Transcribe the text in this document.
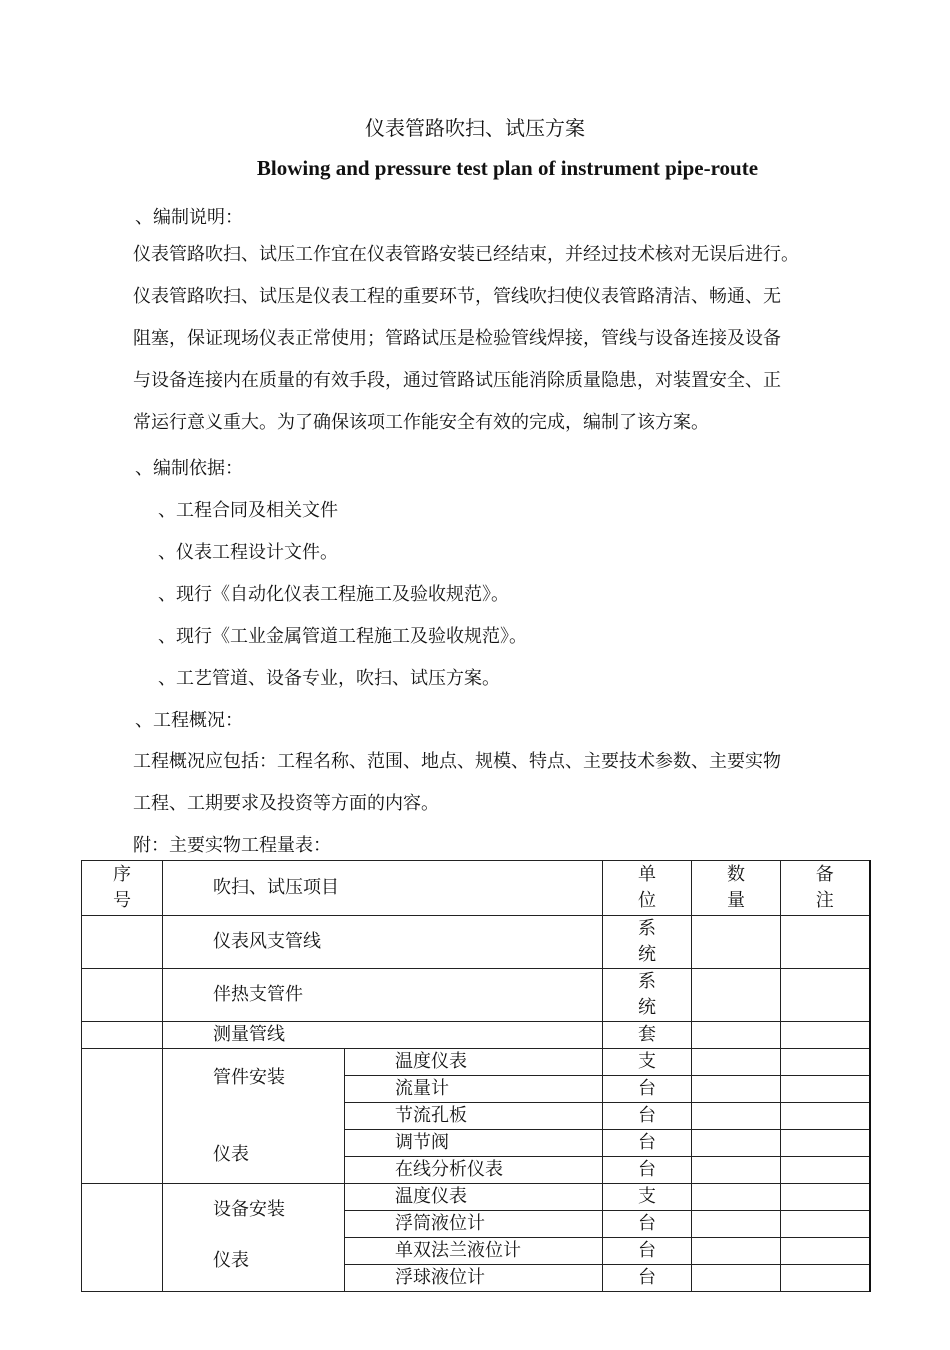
仪表管路吹扫、试压方案
Blowing and pressure test plan of instrument pipe-route
、编制说明：
仪表管路吹扫、试压工作宜在仪表管路安装已经结束，并经过技术核对无误后进行。
仪表管路吹扫、试压是仪表工程的重要环节，管线吹扫使仪表管路清洁、畅通、无
阻塞，保证现场仪表正常使用；管路试压是检验管线焊接，管线与设备连接及设备
与设备连接内在质量的有效手段，通过管路试压能消除质量隐患，对装置安全、正
常运行意义重大。为了确保该项工作能安全有效的完成，编制了该方案。
、编制依据：
、工程合同及相关文件
、仪表工程设计文件。
、现行《自动化仪表工程施工及验收规范》。
、现行《工业金属管道工程施工及验收规范》。
、工艺管道、设备专业，吹扫、试压方案。
、工程概况：
工程概况应包括：工程名称、范围、地点、规模、特点、主要技术参数、主要实物
工程、工期要求及投资等方面的内容。
附：主要实物工程量表：
序
号	吹扫、试压项目		单
位	数
量	备
注

	仪表风支管线		系
统		

	伴热支管件		系
统		

	测量管线		套		

	管件安装
仪表	温度仪表	支		
		流量计	台		
		节流孔板	台		
		调节阀	台		
		在线分析仪表	台		

	设备安装
仪表	温度仪表	支		
		浮筒液位计	台		
		单双法兰液位计	台		
		浮球液位计	台		
